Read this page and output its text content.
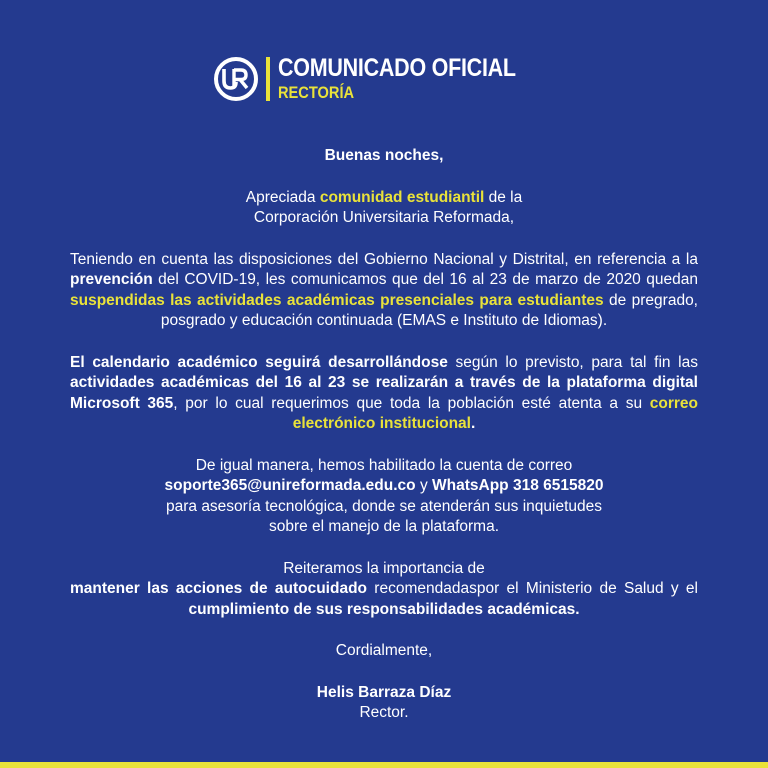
COMUNICADO OFICIAL
RECTORÍA

Buenas noches,

Apreciada comunidad estudiantil de la

Corporación Universitaria Reformada,

Teniendo en cuenta las disposiciones del Gobierno Nacional y Distrital, en referencia a la prevención del COVID-19, les comunicamos que del 16 al 23 de marzo de 2020 quedan suspendidas las actividades académicas presenciales para estudiantes de pregrado, posgrado y educación continuada (EMAS e Instituto de Idiomas).

El calendario académico seguirá desarrollándose según lo previsto, para tal fin las actividades académicas del 16 al 23 se realizarán a través de la plataforma digital Microsoft 365, por lo cual requerimos que toda la población esté atenta a su correo electrónico institucional.

De igual manera, hemos habilitado la cuenta de correo

soporte365@unireformada.edu.co y WhatsApp 318 6515820

para asesoría tecnológica, donde se atenderán sus inquietudes

sobre el manejo de la plataforma.

Reiteramos la importancia de

mantener las acciones de autocuidado recomendadaspor el Ministerio de Salud y el cumplimiento de sus responsabilidades académicas.

Cordialmente,

Helis Barraza Díaz

Rector.
